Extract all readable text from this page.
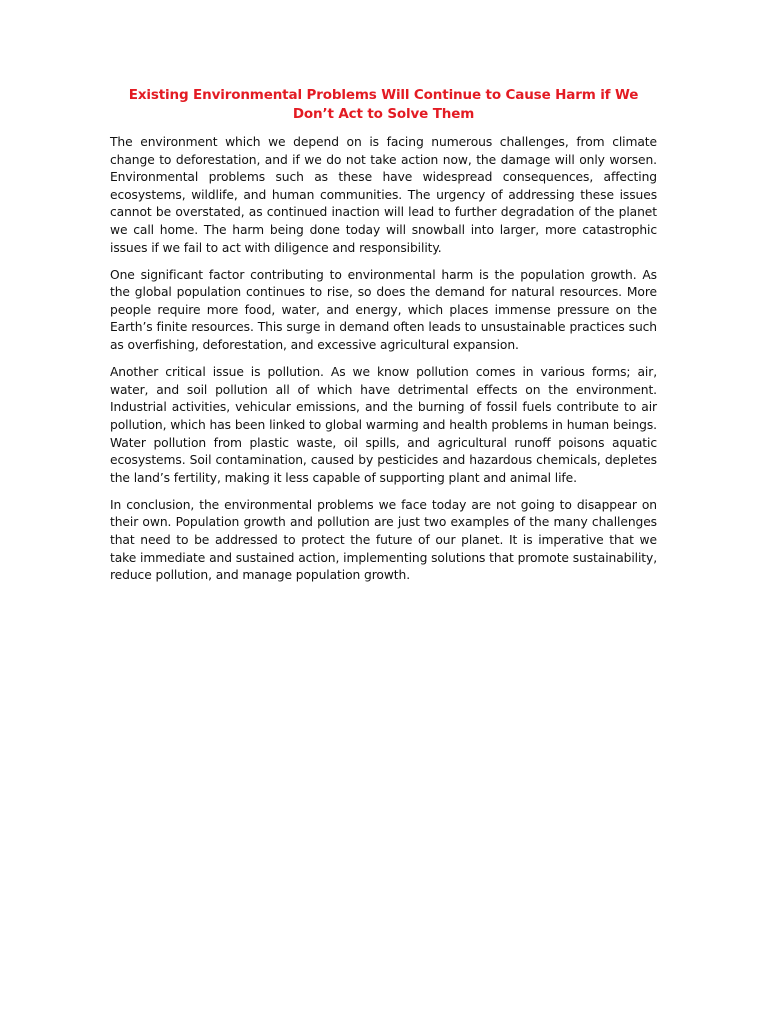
Existing Environmental Problems Will Continue to Cause Harm if We Don’t Act to Solve Them

The environment which we depend on is facing numerous challenges, from climate change to deforestation, and if we do not take action now, the damage will only worsen. Environmental problems such as these have widespread consequences, affecting ecosystems, wildlife, and human communities. The urgency of addressing these issues cannot be overstated, as continued inaction will lead to further degradation of the planet we call home. The harm being done today will snowball into larger, more catastrophic issues if we fail to act with diligence and responsibility.

One significant factor contributing to environmental harm is the population growth. As the global population continues to rise, so does the demand for natural resources. More people require more food, water, and energy, which places immense pressure on the Earth’s finite resources. This surge in demand often leads to unsustainable practices such as overfishing, deforestation, and excessive agricultural expansion.

Another critical issue is pollution. As we know pollution comes in various forms; air, water, and soil pollution all of which have detrimental effects on the environment. Industrial activities, vehicular emissions, and the burning of fossil fuels contribute to air pollution, which has been linked to global warming and health problems in human beings. Water pollution from plastic waste, oil spills, and agricultural runoff poisons aquatic ecosystems. Soil contamination, caused by pesticides and hazardous chemicals, depletes the land’s fertility, making it less capable of supporting plant and animal life.

In conclusion, the environmental problems we face today are not going to disappear on their own. Population growth and pollution are just two examples of the many challenges that need to be addressed to protect the future of our planet. It is imperative that we take immediate and sustained action, implementing solutions that promote sustainability, reduce pollution, and manage population growth.
